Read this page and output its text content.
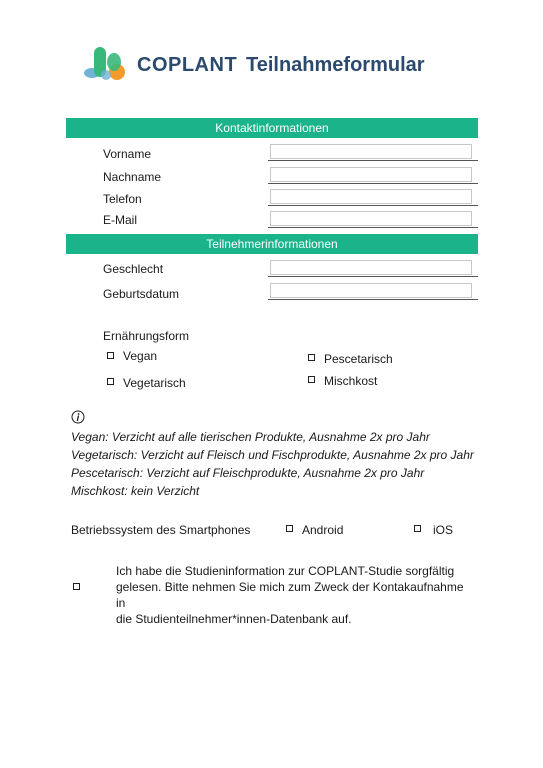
COPLANT Teilnahmeformular
Kontaktinformationen
Vorname
Nachname
Telefon
E-Mail
Teilnehmerinformationen
Geschlecht
Geburtsdatum
Ernährungsform
Vegan
Vegetarisch
Pescetarisch
Mischkost
Vegan: Verzicht auf alle tierischen Produkte, Ausnahme 2x pro Jahr
Vegetarisch: Verzicht auf Fleisch und Fischprodukte, Ausnahme 2x pro Jahr
Pescetarisch: Verzicht auf Fleischprodukte, Ausnahme 2x pro Jahr
Mischkost: kein Verzicht
Betriebssystem des Smartphones	Android	iOS
Ich habe die Studieninformation zur COPLANT-Studie sorgfältig
gelesen. Bitte nehmen Sie mich zum Zweck der Kontakaufnahme in
die Studienteilnehmer*innen-Datenbank auf.
